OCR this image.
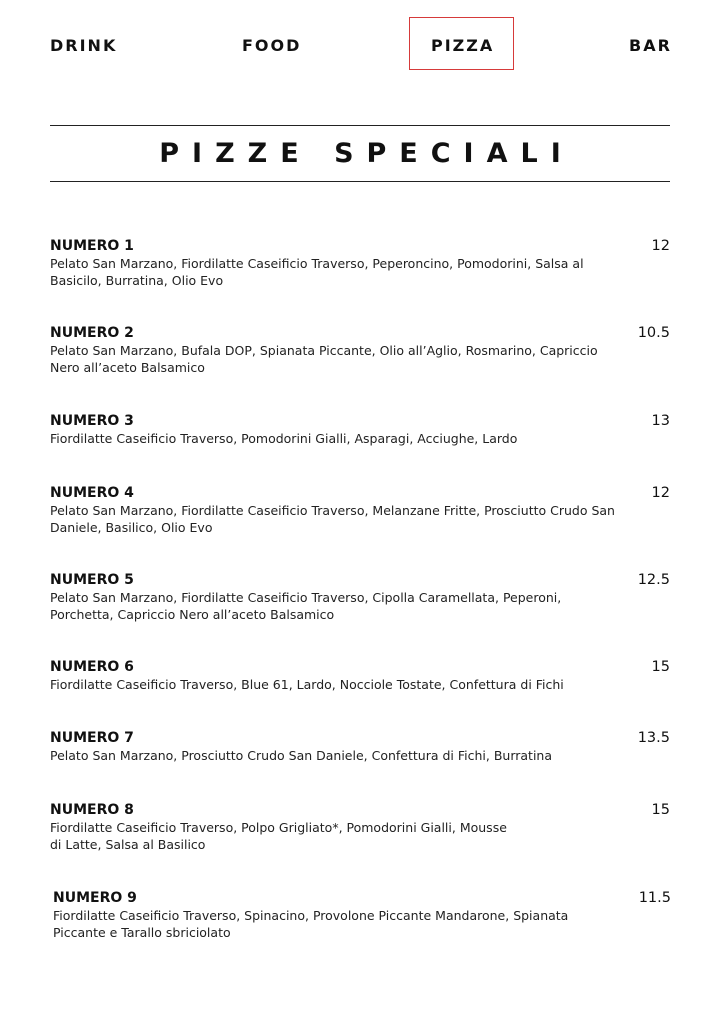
DRINK	FOOD	PIZZA	BAR
PIZZE SPECIALI
NUMERO 1
Pelato San Marzano, Fiordilatte Caseificio Traverso, Peperoncino, Pomodorini, Salsa al Basicilo, Burratina, Olio Evo
12
NUMERO 2
Pelato San Marzano, Bufala DOP, Spianata Piccante, Olio all’Aglio, Rosmarino, Capriccio Nero all’aceto Balsamico
10.5
NUMERO 3
Fiordilatte Caseificio Traverso, Pomodorini Gialli, Asparagi, Acciughe, Lardo
13
NUMERO 4
Pelato San Marzano, Fiordilatte Caseificio Traverso, Melanzane Fritte, Prosciutto Crudo San Daniele, Basilico, Olio Evo
12
NUMERO 5
Pelato San Marzano, Fiordilatte Caseificio Traverso, Cipolla Caramellata, Peperoni, Porchetta, Capriccio Nero all’aceto Balsamico
12.5
NUMERO 6
Fiordilatte Caseificio Traverso, Blue 61, Lardo, Nocciole Tostate, Confettura di Fichi
15
NUMERO 7
Pelato San Marzano, Prosciutto Crudo San Daniele, Confettura di Fichi, Burratina
13.5
NUMERO 8
Fiordilatte Caseificio Traverso, Polpo Grigliato*, Pomodorini Gialli, Mousse di Latte, Salsa al Basilico
15
NUMERO 9
Fiordilatte Caseificio Traverso, Spinacino, Provolone Piccante Mandarone, Spianata Piccante e Tarallo sbriciolato
11.5
